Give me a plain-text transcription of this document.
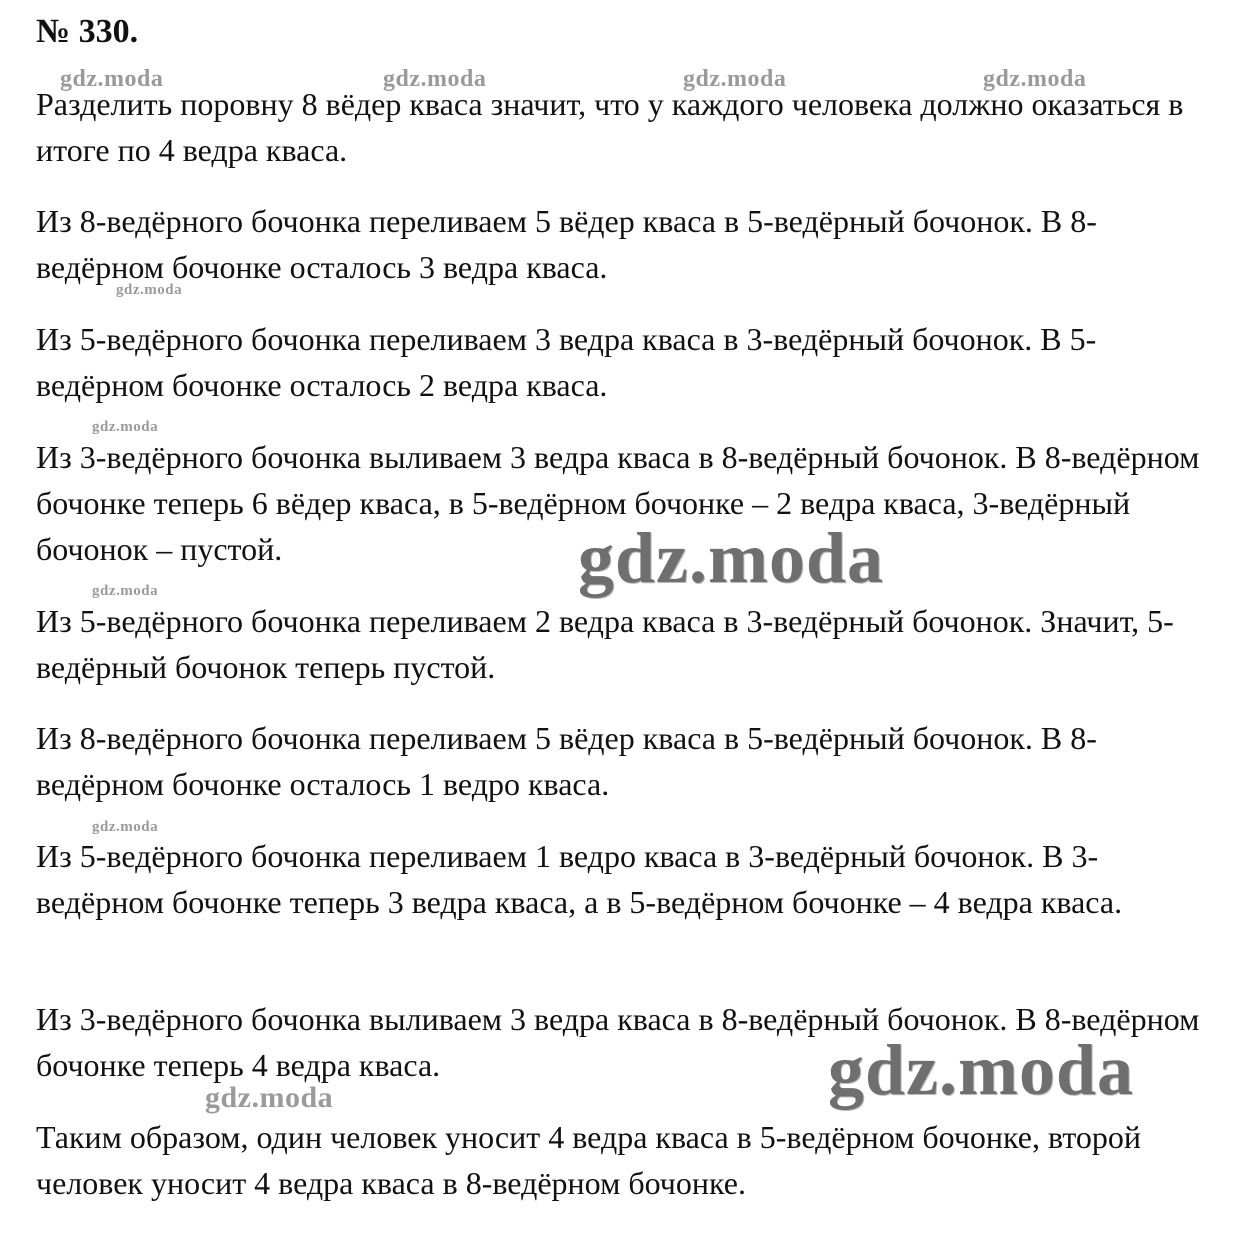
№ 330.
gdz.moda	gdz.moda	gdz.moda	gdz.moda

Разделить поровну 8 вёдер кваса значит, что у каждого человека должно оказаться в итоге по 4 ведра кваса.

Из 8-ведёрного бочонка переливаем 5 вёдер кваса в 5-ведёрный бочонок. В 8-ведёрном бочонке осталось 3 ведра кваса.

gdz.moda

Из 5-ведёрного бочонка переливаем 3 ведра кваса в 3-ведёрный бочонок. В 5-ведёрном бочонке осталось 2 ведра кваса.

gdz.moda

Из 3-ведёрного бочонка выливаем 3 ведра кваса в 8-ведёрный бочонок. В 8-ведёрном бочонке теперь 6 вёдер кваса, в 5-ведёрном бочонке – 2 ведра кваса, 3-ведёрный бочонок – пустой.

gdz.moda

Из 5-ведёрного бочонка переливаем 2 ведра кваса в 3-ведёрный бочонок. Значит, 5-ведёрный бочонок теперь пустой.

Из 8-ведёрного бочонка переливаем 5 вёдер кваса в 5-ведёрный бочонок. В 8-ведёрном бочонке осталось 1 ведро кваса.

gdz.moda

Из 5-ведёрного бочонка переливаем 1 ведро кваса в 3-ведёрный бочонок. В 3-ведёрном бочонке теперь 3 ведра кваса, а в 5-ведёрном бочонке – 4 ведра кваса.

Из 3-ведёрного бочонка выливаем 3 ведра кваса в 8-ведёрный бочонок. В 8-ведёрном бочонке теперь 4 ведра кваса.

gdz.moda

Таким образом, один человек уносит 4 ведра кваса в 5-ведёрном бочонке, второй человек уносит 4 ведра кваса в 8-ведёрном бочонке.

gdz.moda
gdz.moda
